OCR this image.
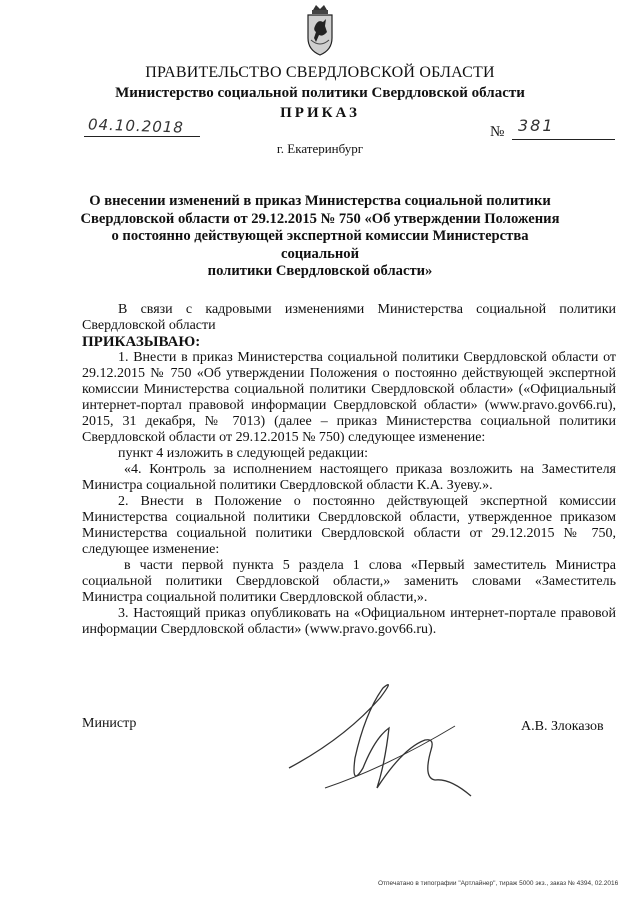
ПРАВИТЕЛЬСТВО СВЕРДЛОВСКОЙ ОБЛАСТИ
Министерство социальной политики Свердловской области
ПРИКАЗ
04.10.2018	№ 381
г. Екатеринбург
О внесении изменений в приказ Министерства социальной политики
Свердловской области от 29.12.2015 № 750 «Об утверждении Положения
о постоянно действующей экспертной комиссии Министерства социальной
политики Свердловской области»

В связи с кадровыми изменениями Министерства социальной политики Свердловской области

ПРИКАЗЫВАЮ:

1. Внести в приказ Министерства социальной политики Свердловской области от 29.12.2015 № 750 «Об утверждении Положения о постоянно действующей экспертной комиссии Министерства социальной политики Свердловской области» («Официальный интернет-портал правовой информации Свердловской области» (www.pravo.gov66.ru), 2015, 31 декабря, № 7013) (далее – приказ Министерства социальной политики Свердловской области от 29.12.2015 № 750) следующее изменение:

пункт 4 изложить в следующей редакции:

«4. Контроль за исполнением настоящего приказа возложить на Заместителя Министра социальной политики Свердловской области К.А. Зуеву.».

2. Внести в Положение о постоянно действующей экспертной комиссии Министерства социальной политики Свердловской области, утвержденное приказом Министерства социальной политики Свердловской области от 29.12.2015 № 750, следующее изменение:

в части первой пункта 5 раздела 1 слова «Первый заместитель Министра социальной политики Свердловской области,» заменить словами «Заместитель Министра социальной политики Свердловской области,».

3. Настоящий приказ опубликовать на «Официальном интернет-портале правовой информации Свердловской области» (www.pravo.gov66.ru).

Министр	А.В. Злоказов
Отпечатано в типографии "Артлайнер", тираж 5000 экз., заказ № 4394, 02.2016
